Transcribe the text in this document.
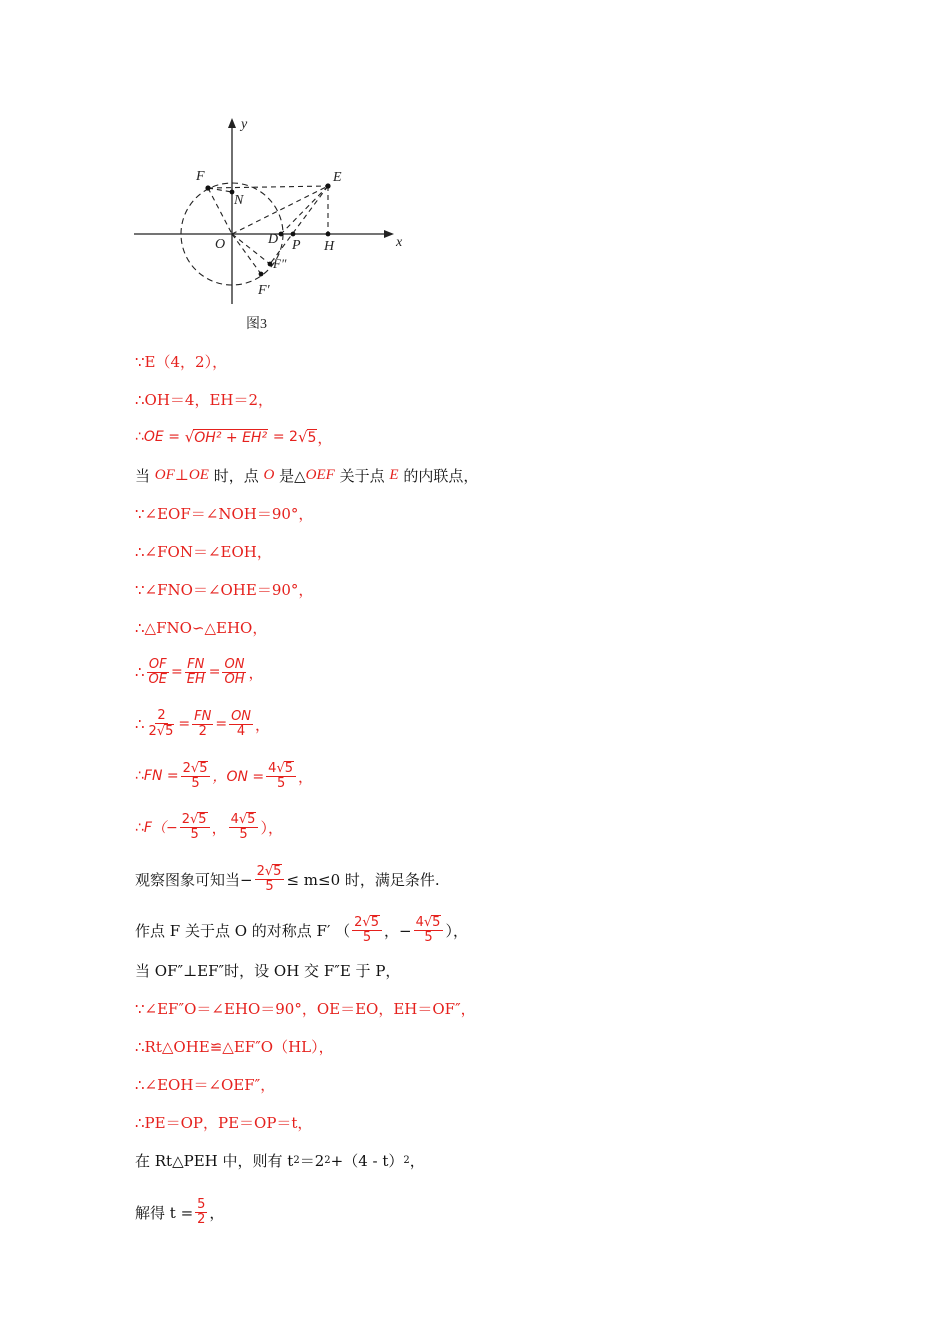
y
x
F	E
N
O	D P H
F″
F′
图3
∵E（4，2），
∴OH＝4，EH＝2，
∴OE = √ OH² + EH²
= 2 √ 5 ，
当
OF ⊥ OE
时，点
O
是△ OEF
关于点
E
的内联点，
∵∠EOF＝∠NOH＝90°，
∴∠FON＝∠EOH，
∵∠FNO＝∠OHE＝90°，
∴△FNO∽△EHO，
∴ $\frac{OF}{OE} = \frac{FN}{EH} = \frac{ON}{OH}$ ，
∴ $\frac{2}{2√5} = \frac{FN}{2} = \frac{ON}{4}$ ，
∴FN = $\frac{2√5}{5}$ ，ON = $\frac{4√5}{5}$ ，
∴F（− $\frac{2√5}{5}$ ， $\frac{4√5}{5}$ ），
观察图象可知当− $\frac{2√5}{5} \le m\le 0$ 时，满足条件.
作点 F 关于点 O 的对称点 F′ （ $\frac{2√5}{5}$ ，− $\frac{4√5}{5}$ ），
当 OF″⊥EF″时，设 OH 交 F″E 于 P，
∵∠EF″O＝∠EHO＝90°，OE＝EO，EH＝OF″，
∴Rt△OHE≌△EF″O（HL），
∴∠EOH＝∠OEF″，
∴PE＝OP，PE＝OP＝t，
在 Rt△PEH 中，则有 t 2 ＝2 2 +（4 - t） 2 ，
解得 $t = \frac{5}{2}$ ，
